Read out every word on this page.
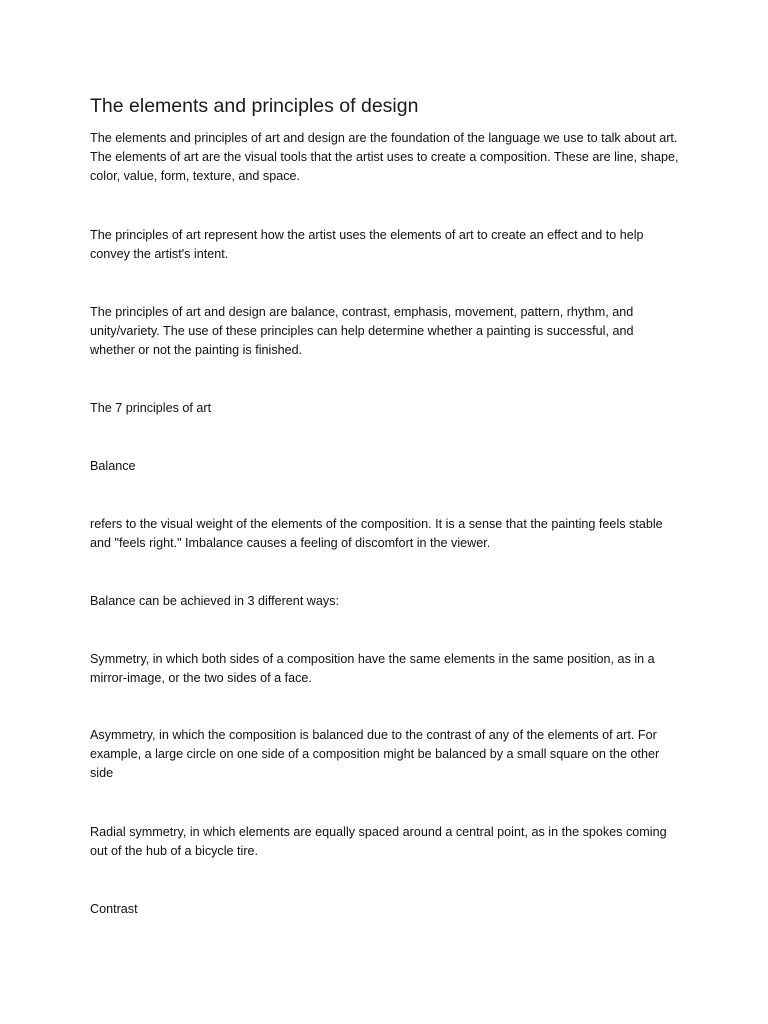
The elements and principles of design

The elements and principles of art and design are the foundation of the language we use to talk about art. The elements of art are the visual tools that the artist uses to create a composition. These are line, shape, color, value, form, texture, and space.

The principles of art represent how the artist uses the elements of art to create an effect and to help convey the artist's intent.

The principles of art and design are balance, contrast, emphasis, movement, pattern, rhythm, and unity/variety. The use of these principles can help determine whether a painting is successful, and whether or not the painting is finished.

The 7 principles of art

Balance

refers to the visual weight of the elements of the composition. It is a sense that the painting feels stable and "feels right." Imbalance causes a feeling of discomfort in the viewer.

Balance can be achieved in 3 different ways:

Symmetry, in which both sides of a composition have the same elements in the same position, as in a mirror-image, or the two sides of a face.

Asymmetry, in which the composition is balanced due to the contrast of any of the elements of art. For example, a large circle on one side of a composition might be balanced by a small square on the other side

Radial symmetry, in which elements are equally spaced around a central point, as in the spokes coming out of the hub of a bicycle tire.

Contrast
